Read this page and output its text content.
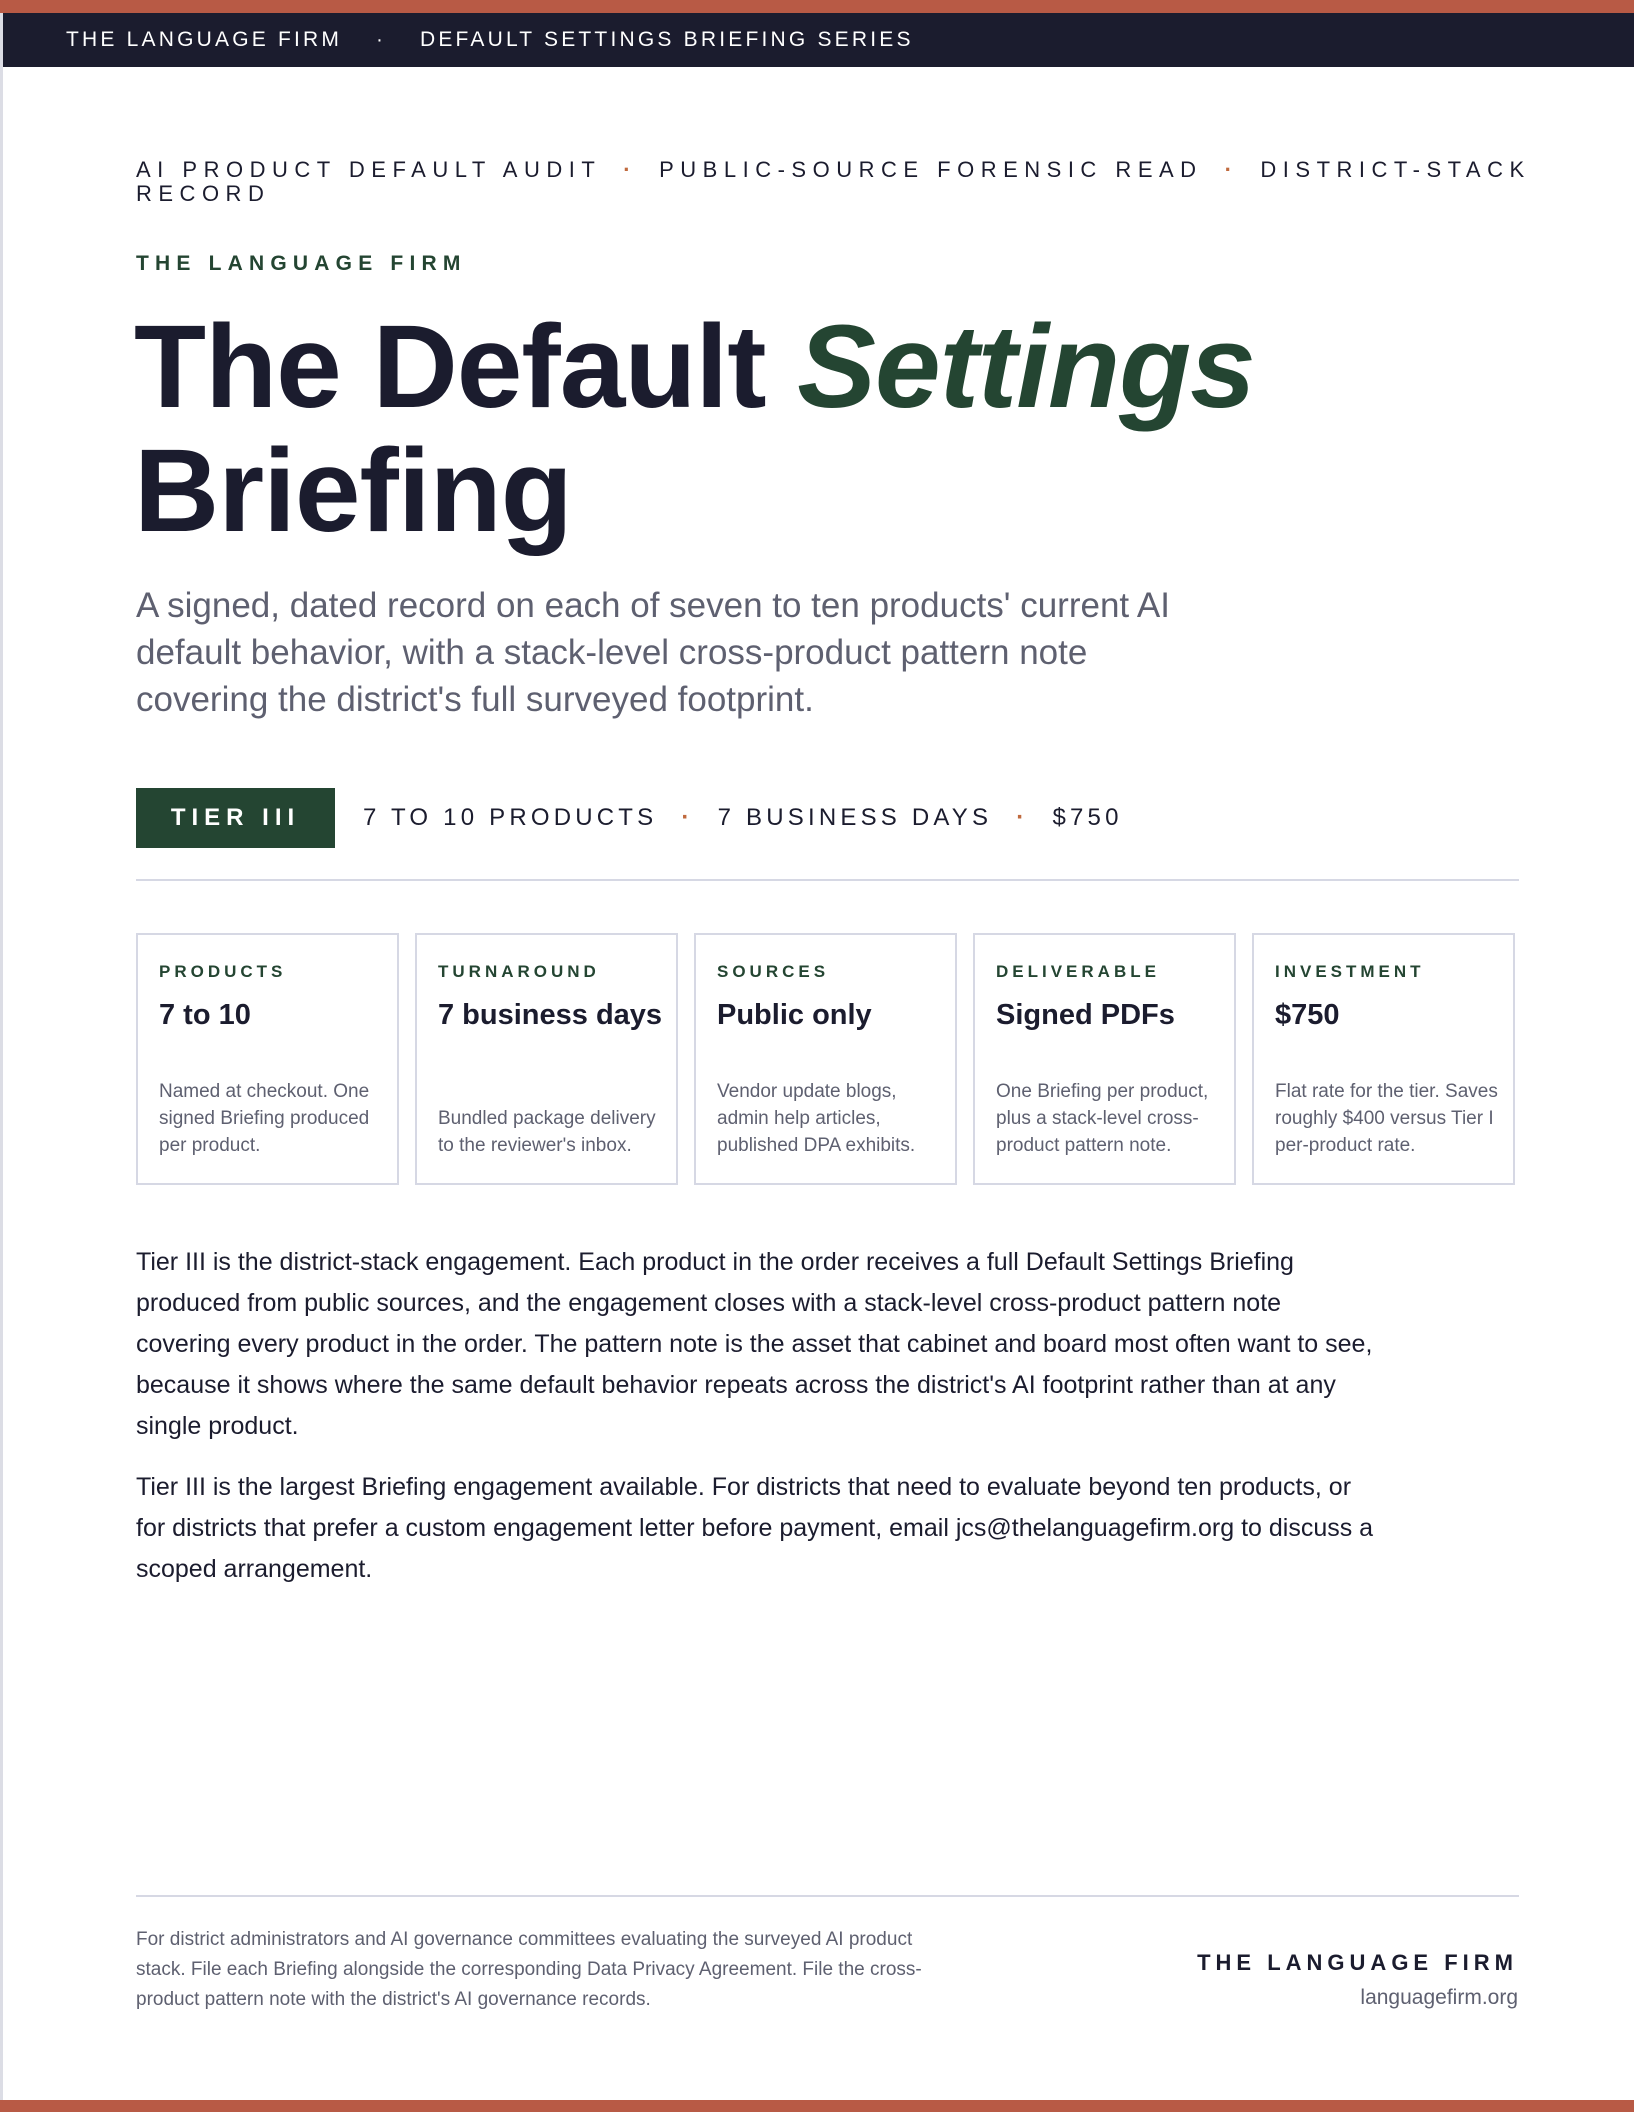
THE LANGUAGE FIRM · DEFAULT SETTINGS BRIEFING SERIES
AI PRODUCT DEFAULT AUDIT · PUBLIC-SOURCE FORENSIC READ · DISTRICT-STACK RECORD
THE LANGUAGE FIRM
The Default Settings
Briefing

A signed, dated record on each of seven to ten products' current AI default behavior, with a stack-level cross-product pattern note covering the district's full surveyed footprint.

TIER III	7 TO 10 PRODUCTS · 7 BUSINESS DAYS · $750
PRODUCTS
7 to 10
Named at checkout. One signed Briefing produced per product.
TURNAROUND
7 business days
Bundled package delivery to the reviewer's inbox.
SOURCES
Public only
Vendor update blogs, admin help articles, published DPA exhibits.
DELIVERABLE
Signed PDFs
One Briefing per product, plus a stack-level cross-product pattern note.
INVESTMENT
$750
Flat rate for the tier. Saves roughly $400 versus Tier I per-product rate.

Tier III is the district-stack engagement. Each product in the order receives a full Default Settings Briefing produced from public sources, and the engagement closes with a stack-level cross-product pattern note covering every product in the order. The pattern note is the asset that cabinet and board most often want to see, because it shows where the same default behavior repeats across the district's AI footprint rather than at any single product.

Tier III is the largest Briefing engagement available. For districts that need to evaluate beyond ten products, or for districts that prefer a custom engagement letter before payment, email jcs@thelanguagefirm.org to discuss a scoped arrangement.

For district administrators and AI governance committees evaluating the surveyed AI product stack. File each Briefing alongside the corresponding Data Privacy Agreement. File the cross-product pattern note with the district's AI governance records.
THE LANGUAGE FIRM
languagefirm.org
